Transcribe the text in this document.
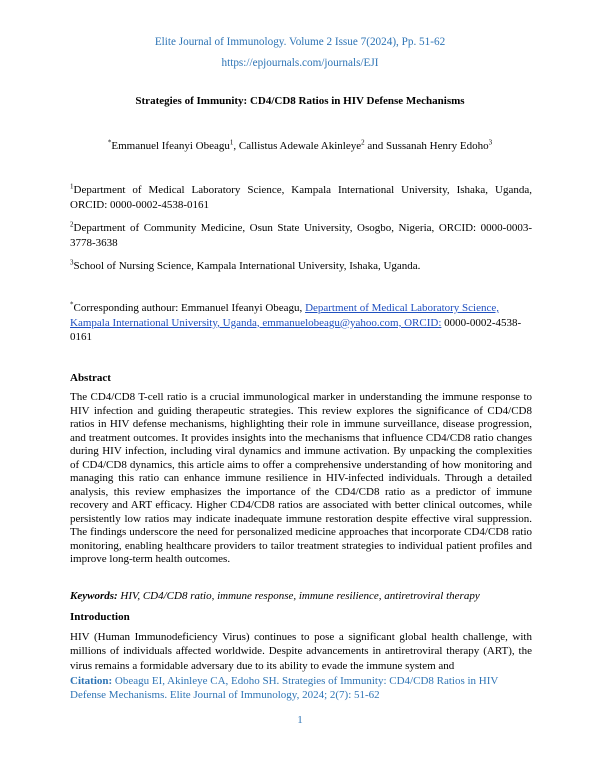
Elite Journal of Immunology. Volume 2 Issue 7(2024), Pp. 51-62
https://epjournals.com/journals/EJI
Strategies of Immunity: CD4/CD8 Ratios in HIV Defense Mechanisms
*Emmanuel Ifeanyi Obeagu$^1$, Callistus Adewale Akinleye$^2$ and Sussanah Henry Edoho$^3$
$^1$Department of Medical Laboratory Science, Kampala International University, Ishaka, Uganda, ORCID: 0000-0002-4538-0161
$^2$Department of Community Medicine, Osun State University, Osogbo, Nigeria, ORCID: 0000-0003-3778-3638
$^3$School of Nursing Science, Kampala International University, Ishaka, Uganda.
*Corresponding authour: Emmanuel Ifeanyi Obeagu, Department of Medical Laboratory Science, Kampala International University, Uganda, emmanuelobeagu@yahoo.com, ORCID: 0000-0002-4538-0161
Abstract
The CD4/CD8 T-cell ratio is a crucial immunological marker in understanding the immune response to HIV infection and guiding therapeutic strategies. This review explores the significance of CD4/CD8 ratios in HIV defense mechanisms, highlighting their role in immune surveillance, disease progression, and treatment outcomes. It provides insights into the mechanisms that influence CD4/CD8 ratio changes during HIV infection, including viral dynamics and immune activation. By unpacking the complexities of CD4/CD8 dynamics, this article aims to offer a comprehensive understanding of how monitoring and managing this ratio can enhance immune resilience in HIV-infected individuals. Through a detailed analysis, this review emphasizes the importance of the CD4/CD8 ratio as a predictor of immune recovery and ART efficacy. Higher CD4/CD8 ratios are associated with better clinical outcomes, while persistently low ratios may indicate inadequate immune restoration despite effective viral suppression. The findings underscore the need for personalized medicine approaches that incorporate CD4/CD8 ratio monitoring, enabling healthcare providers to tailor treatment strategies to individual patient profiles and improve long-term health outcomes.
Keywords: HIV, CD4/CD8 ratio, immune response, immune resilience, antiretroviral therapy
Introduction
HIV (Human Immunodeficiency Virus) continues to pose a significant global health challenge, with millions of individuals affected worldwide. Despite advancements in antiretroviral therapy (ART), the virus remains a formidable adversary due to its ability to evade the immune system and
Citation: Obeagu EI, Akinleye CA, Edoho SH. Strategies of Immunity: CD4/CD8 Ratios in HIV Defense Mechanisms. Elite Journal of Immunology, 2024; 2(7): 51-62
1
